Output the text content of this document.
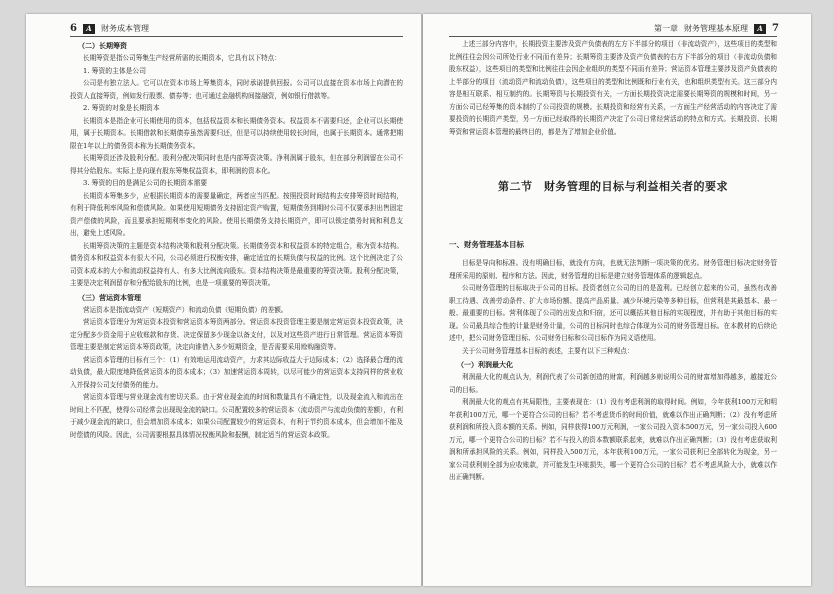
6	A	财务成本管理
（二）长期筹资

长期筹资是指公司筹集生产经营所需的长期资本，它具有以下特点：

1. 筹资的主体是公司

公司是有独立法人。它可以在资本市场上筹集资本，同时承诺提供回报。公司可以直接在资本市场上向潜在的投资人直接筹资，例如发行股票、债券等；也可通过金融机构间接融资，例如银行借款等。

2. 筹资的对象是长期资本

长期资本是指企业可长期使用的资本，包括权益资本和长期债务资本。权益资本不需要归还，企业可以长期使用，属于长期资本。长期借款和长期债券虽然需要归还，但是可以持续使用较长时间，也属于长期资本。通常把期限在1年以上的债务资本称为长期债务资本。

长期筹资还涉及股利分配。股利分配决策同时也是内部筹资决策。净利润属于股东，但在部分利润留在公司不得其分给股东。实际上是向现有股东筹集权益资本，即利润的资本化。

3. 筹资的目的是满足公司的长期资本需要

长期资本筹集多少，应根据长期资本的需要量确定，两者应当匹配。按照投资时间结构去安排筹资时间结构，有利于降低利率风险和偿债风险。如果使用短期债务支持固定资产购置，短期债务到期时公司不仅要承担出售固定资产偿债的风险，而且要承担短期利率变化的风险。使用长期债务支持长期资产，即可以锁定债务时间和利息支出，避免上述风险。

长期筹资决策的主题是资本结构决策和股利分配决策。长期债务资本和权益资本的特定组合，称为资本结构。债务资本和权益资本有很大不同，公司必须进行权衡安排，确定适宜的长期负债与权益的比例。这个比例决定了公司资本成本的大小和流动权益持有人、有多大比例流向股东。资本结构决策是最重要的筹资决策。股利分配决策，主要是决定利润留存和分配给股东的比例，也是一项重要的筹资决策。

（三）营运资本管理

营运资本是指流动资产（短期资产）和流动负债（短期负债）的差额。

营运资本管理分为营运资本投资和营运资本筹资两部分。营运资本投资管理主要是制定营运资本投资政策，决定分配多少资金用于应收账款和存货、决定保留多少现金以备支付，以及对这些资产进行日常管理。营运资本筹资管理主要是制定营运资本筹资政策，决定向谁借入多少短期资金，是否需要采用赊购融资等。

营运资本管理的目标有三个：（1）有效地运用流动资产，力求其边际收益大于边际成本；（2）选择最合理的流动负债，最大限度地降低营运资本的资本成本；（3）加速营运资本周转，以尽可能少的营运资本支持同样的营业收入并保持公司支付债务的能力。

营运资本管理与营业现金流有密切关系。由于营业现金流的时间和数量具有不确定性，以及现金流入和流出在时间上不匹配，使得公司经常会出现现金流的缺口。公司配置较多的营运资本（流动资产与流动负债的差额），有利于减少现金流的缺口，但会增加资本成本；如果公司配置较少的营运资本，有利于节约资本成本，但会增加不能及时偿债的风险。因此，公司需要根据具体情况权衡风险和报酬，制定适当的营运资本政策。

第一章 财务管理基本原理	A 7

上述三部分内容中，长期投资主要涉及资产负债表的左方下半部分的项目（非流动资产），这些项目的类型和比例往往会因公司所处行业不同而有差异；长期筹资主要涉及资产负债表的右方下半部分的项目（非流动负债和股东权益），这些项目的类型和比例往往会因企业组织的类型不同而有差异；营运资本管理主要涉及资产负债表的上半部分的项目（流动资产和流动负债），这些项目的类型和比例既和行业有关，也和组织类型有关。这三部分内容是相互联系、相互制约的。长期筹资与长期投资有关，一方面长期投资决定需要长期筹资的规模和时间，另一方面公司已经筹集的资本制约了公司投资的规模。长期投资和经营有关系，一方面生产经营活动的内容决定了需要投资的长期资产类型，另一方面已经取得的长期资产决定了公司日常经营活动的特点和方式。长期投资、长期筹资和营运资本管理的最终目的，都是为了增加企业价值。

第二节　财务管理的目标与利益相关者的要求
一、财务管理基本目标

目标是导向和标准。没有明确目标，就没有方向，也就无法判断一项决策的优劣。财务管理目标决定财务管理所采用的原则、程序和方法。因此，财务管理的目标是建立财务管理体系的逻辑起点。

公司财务管理的目标取决于公司的目标。投资者创立公司的目的是盈利。已经创立起来的公司，虽然有改善职工待遇、改善劳动条件、扩大市场份额、提高产品质量、减少环境污染等多种目标，但营利是其最基本、最一般、最重要的目标。营利体现了公司的出发点和归宿，还可以概括其他目标的实现程度，并有助于其他目标的实现。公司最具综合性的计量是财务计量，公司的目标同时也综合体现为公司的财务管理目标。在本教材的后续论述中，把公司财务管理目标、公司财务目标和公司目标作为同义语使用。

关于公司财务管理基本目标的表述，主要有以下三种观点：

（一）利润最大化

利润最大化的观点认为，利润代表了公司新创造的财富，利润越多则说明公司的财富增加得越多，越接近公司的目标。

利润最大化的观点有其局限性，主要表现在：（1）没有考虑利润的取得时间。例如，今年获利100万元和明年获利100万元，哪一个更符合公司的目标？若不考虑货币的时间价值，就难以作出正确判断；（2）没有考虑所获利润和所投入资本额的关系。例如，同样获得100万元利润，一家公司投入资本500万元，另一家公司投入600万元，哪一个更符合公司的目标？若不与投入的资本数额联系起来，就难以作出正确判断；（3）没有考虑获取利润和所承担风险的关系。例如，同样投入500万元，本年获利100万元，一家公司获利已全部转化为现金，另一家公司获利则全部为应收账款，并可能发生坏账损失，哪一个更符合公司的目标？若不考虑风险大小，就难以作出正确判断。
